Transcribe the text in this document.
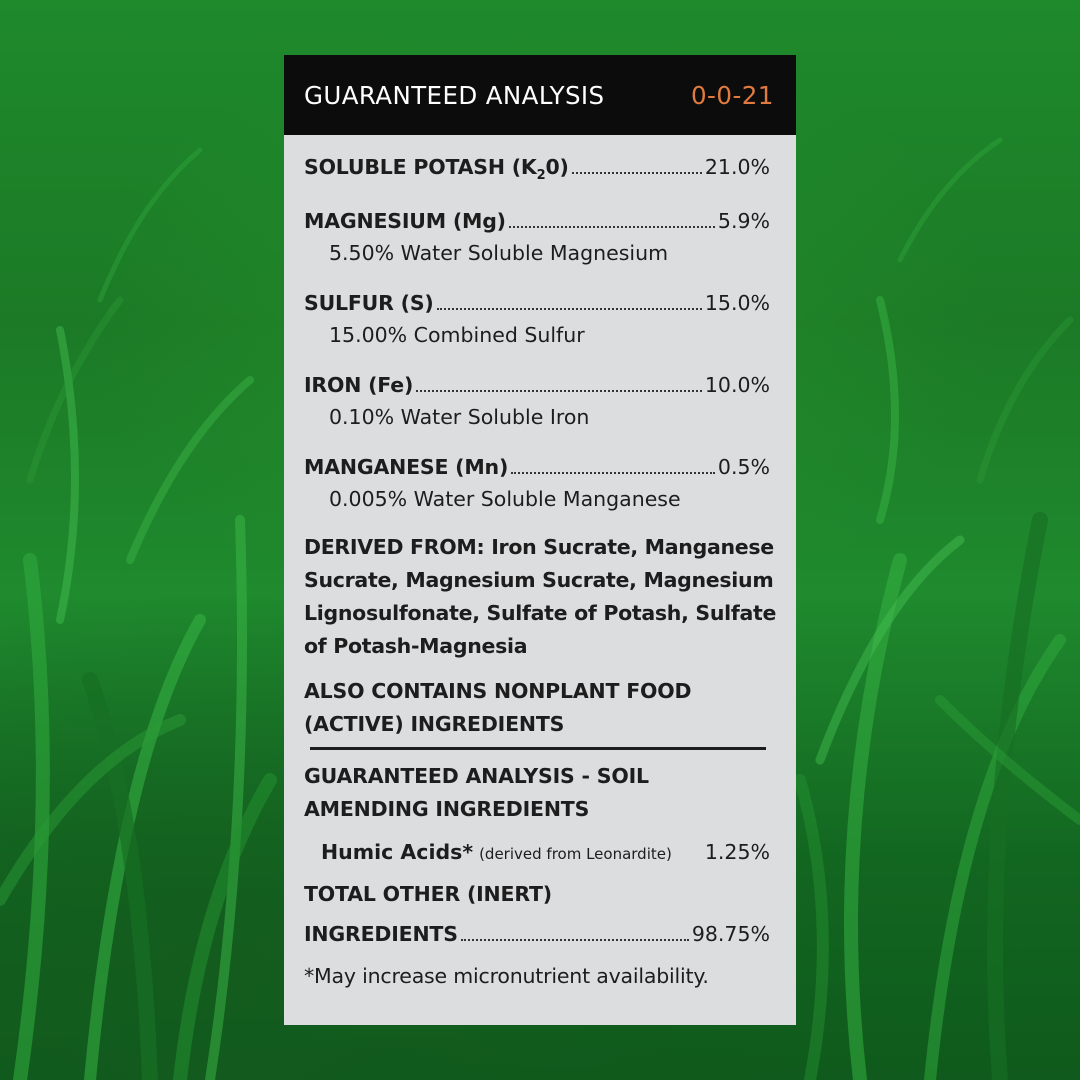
GUARANTEED ANALYSIS	0-0-21
SOLUBLE POTASH $(K_20)$	21.0%
MAGNESIUM (Mg)	5.9%
5.50% Water Soluble Magnesium
SULFUR (S)	15.0%
15.00% Combined Sulfur
IRON (Fe)	10.0%
0.10% Water Soluble Iron
MANGANESE (Mn)	0.5%
0.005% Water Soluble Manganese
DERIVED FROM: Iron Sucrate, Manganese Sucrate, Magnesium Sucrate, Magnesium Lignosulfonate, Sulfate of Potash, Sulfate of Potash-Magnesia
ALSO CONTAINS NONPLANT FOOD (ACTIVE) INGREDIENTS
GUARANTEED ANALYSIS - SOIL AMENDING INGREDIENTS
Humic Acids* (derived from Leonardite)	1.25%
TOTAL OTHER (INERT)
INGREDIENTS	98.75%
*May increase micronutrient availability.
